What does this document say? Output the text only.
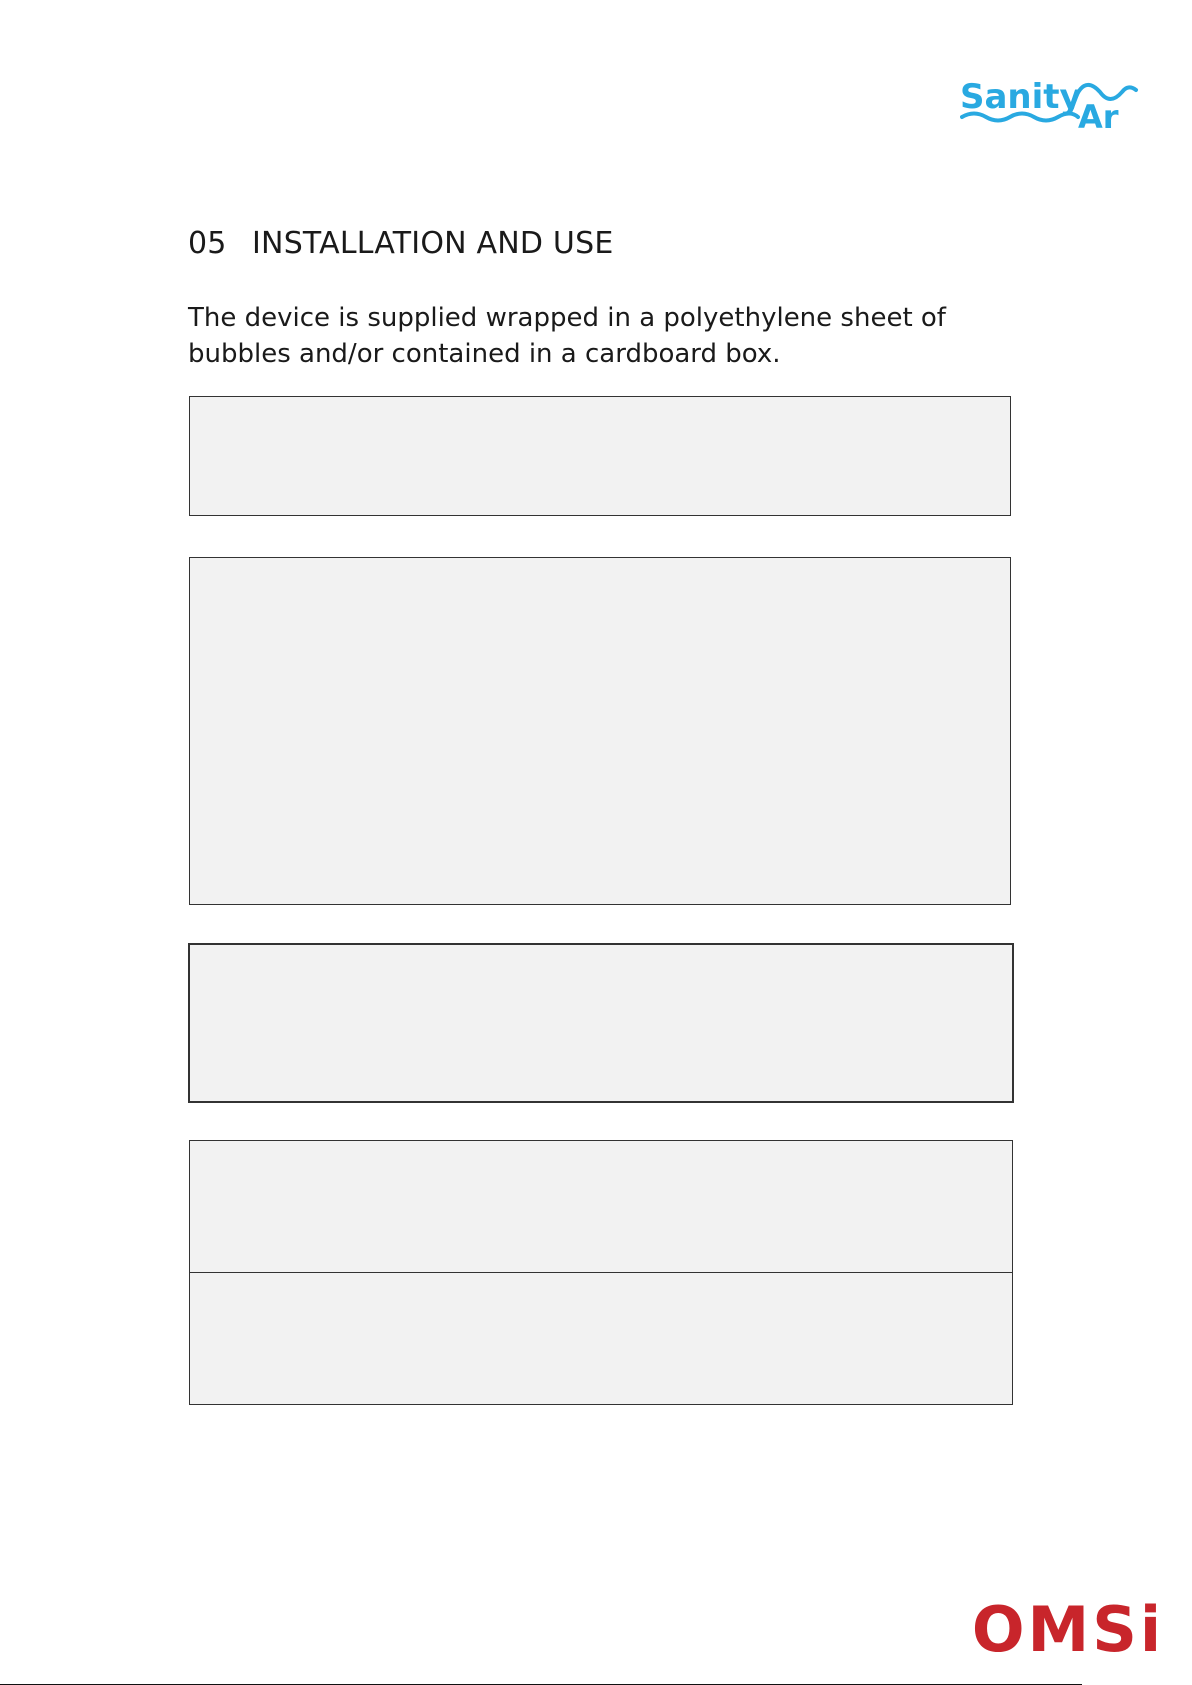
Sanity
Ar
05 INSTALLATION AND USE
The device is supplied wrapped in a polyethylene sheet of bubbles and/or contained in a cardboard box.
OMSi
